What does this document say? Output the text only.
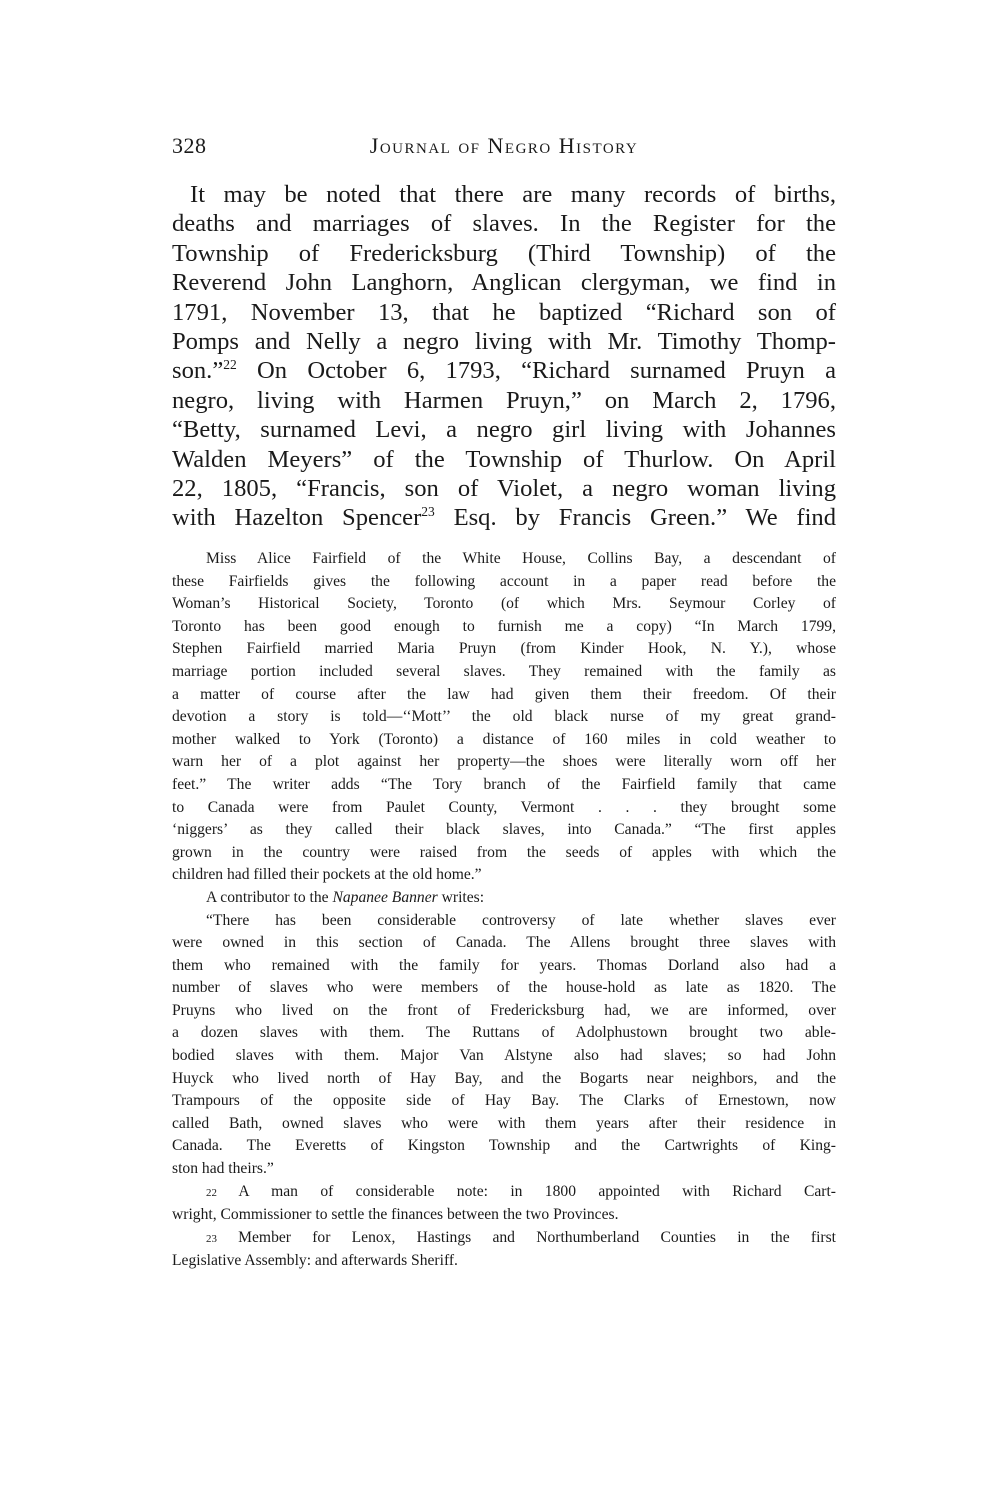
328	Journal of Negro History
It may be noted that there are many records of births,
deaths and marriages of slaves. In the Register for the
Township of Fredericksburg (Third Township) of the
Reverend John Langhorn, Anglican clergyman, we find in
1791, November 13, that he baptized “Richard son of
Pomps and Nelly a negro living with Mr. Timothy Thomp-
son.”$^{22}$ On October 6, 1793, “Richard surnamed Pruyn a
negro, living with Harmen Pruyn,” on March 2, 1796,
“Betty, surnamed Levi, a negro girl living with Johannes
Walden Meyers” of the Township of Thurlow. On April
22, 1805, “Francis, son of Violet, a negro woman living
with Hazelton Spencer$^{23}$ Esq. by Francis Green.” We find
Miss Alice Fairfield of the White House, Collins Bay, a descendant of
these Fairfields gives the following account in a paper read before the
Woman’s Historical Society, Toronto (of which Mrs. Seymour Corley of
Toronto has been good enough to furnish me a copy) “In March 1799,
Stephen Fairfield married Maria Pruyn (from Kinder Hook, N. Y.), whose
marriage portion included several slaves. They remained with the family as
a matter of course after the law had given them their freedom. Of their
devotion a story is told—‘‘Mott’’ the old black nurse of my great grand-
mother walked to York (Toronto) a distance of 160 miles in cold weather to
warn her of a plot against her property—the shoes were literally worn off her
feet.” The writer adds “The Tory branch of the Fairfield family that came
to Canada were from Paulet County, Vermont . . . they brought some
‘niggers’ as they called their black slaves, into Canada.” “The first apples
grown in the country were raised from the seeds of apples with which the
children had filled their pockets at the old home.”
A contributor to the Napanee Banner writes:
“There has been considerable controversy of late whether slaves ever
were owned in this section of Canada. The Allens brought three slaves with
them who remained with the family for years. Thomas Dorland also had a
number of slaves who were members of the house-hold as late as 1820. The
Pruyns who lived on the front of Fredericksburg had, we are informed, over
a dozen slaves with them. The Ruttans of Adolphustown brought two able-
bodied slaves with them. Major Van Alstyne also had slaves; so had John
Huyck who lived north of Hay Bay, and the Bogarts near neighbors, and the
Trampours of the opposite side of Hay Bay. The Clarks of Ernestown, now
called Bath, owned slaves who were with them years after their residence in
Canada. The Everetts of Kingston Township and the Cartwrights of King-
ston had theirs.”
22 A man of considerable note: in 1800 appointed with Richard Cart-
wright, Commissioner to settle the finances between the two Provinces.
23 Member for Lenox, Hastings and Northumberland Counties in the first
Legislative Assembly: and afterwards Sheriff.
